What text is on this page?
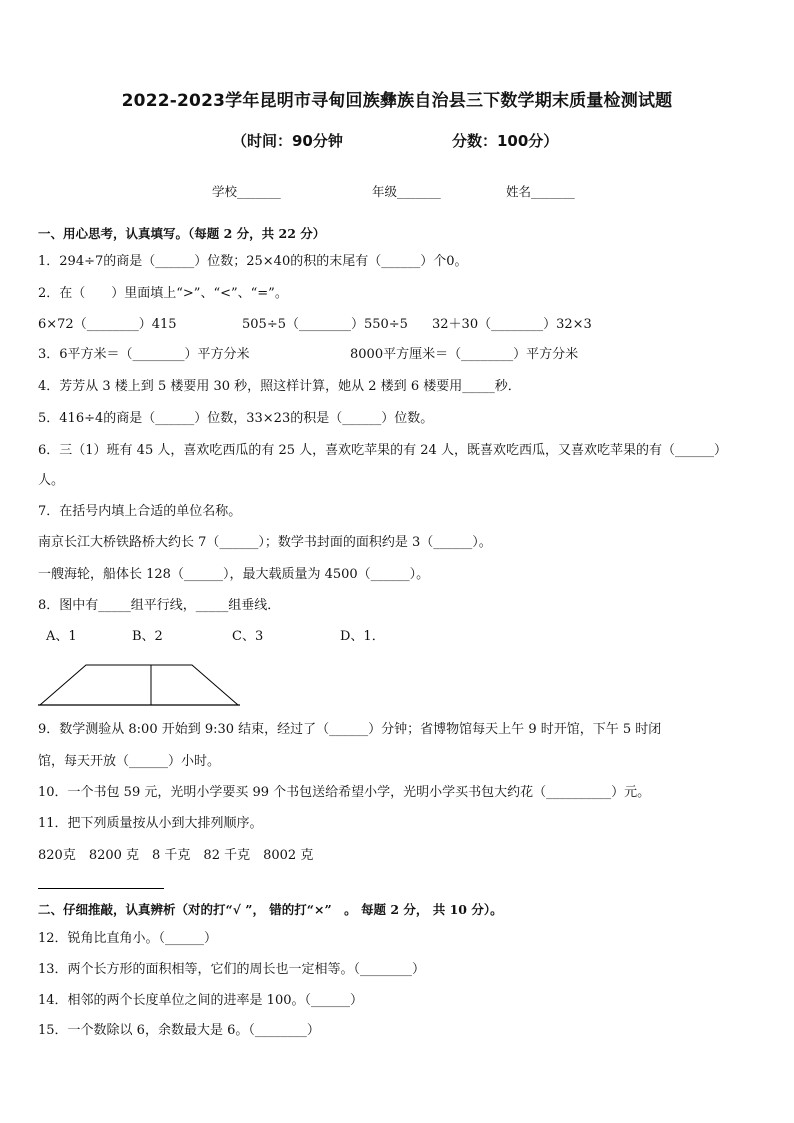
2022-2023学年昆明市寻甸回族彝族自治县三下数学期末质量检测试题
（时间：90分钟	分数：100分）
学校_______	年级_______	姓名_______
一、用心思考，认真填写。（每题 2 分，共 22 分）
1．294÷7的商是（______）位数；25×40的积的末尾有（______）个0。
2．在（　　）里面填上“>”、“<”、“=”。
6×72（________）415	505÷5（________）550÷5 32＋30（________）32×3
3．6平方米＝（________）平方分米	8000平方厘米＝（________）平方分米
4．芳芳从 3 楼上到 5 楼要用 30 秒，照这样计算，她从 2 楼到 6 楼要用_____秒．
5．416÷4的商是（______）位数，33×23的积是（______）位数。
6．三（1）班有 45 人，喜欢吃西瓜的有 25 人，喜欢吃苹果的有 24 人，既喜欢吃西瓜，又喜欢吃苹果的有（______）
人。
7．在括号内填上合适的单位名称。
南京长江大桥铁路桥大约长 7（______）；数学书封面的面积约是 3（______）。
一艘海轮，船体长 128（______），最大载质量为 4500（______）。
8．图中有_____组平行线，_____组垂线．
A、1	B、2	C、3	D、1．
9．数学测验从 8:00 开始到 9:30 结束，经过了（______）分钟；省博物馆每天上午 9 时开馆，下午 5 时闭
馆，每天开放（______）小时。
10．一个书包 59 元，光明小学要买 99 个书包送给希望小学，光明小学买书包大约花（__________）元。
11．把下列质量按从小到大排列顺序。
820克　8200 克　8 千克　82 千克　8002 克
二、仔细推敲，认真辨析（对的打“√ ”， 错的打“×”　。 每题 2 分， 共 10 分）。
12．锐角比直角小。（______）
13．两个长方形的面积相等，它们的周长也一定相等。（________）
14．相邻的两个长度单位之间的进率是 100。（______）
15．一个数除以 6，余数最大是 6。（________）
